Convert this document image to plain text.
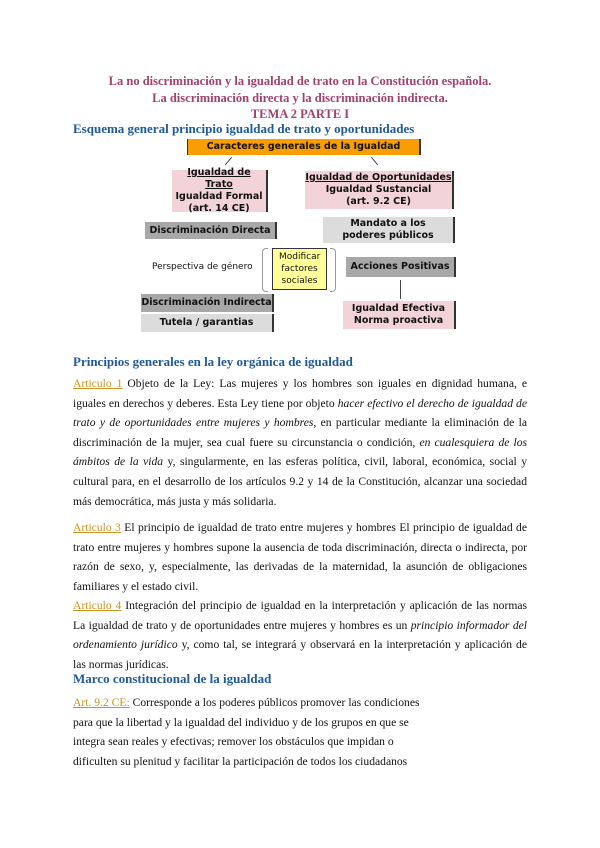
La no discriminación y la igualdad de trato en la Constitución española.
La discriminación directa y la discriminación indirecta.
TEMA 2 PARTE I
Esquema general principio igualdad de trato y oportunidades
Caracteres generales de la Igualdad
Igualdad de Trato
Igualdad Formal
(art. 14 CE)
Igualdad de Oportunidades
Igualdad Sustancial
(art. 9.2 CE)
Discriminación Directa
Mandato a los poderes públicos
Perspectiva de género
Modificar factores sociales
Acciones Positivas
Igualdad Efectiva
Norma proactiva
Discriminación Indirecta
Tutela / garantias
Principios generales en la ley orgánica de igualdad
Articulo 1 Objeto de la Ley: Las mujeres y los hombres son iguales en dignidad humana, e iguales en derechos y deberes. Esta Ley tiene por objeto hacer efectivo el derecho de igualdad de trato y de oportunidades entre mujeres y hombres, en particular mediante la eliminación de la discriminación de la mujer, sea cual fuere su circunstancia o condición, en cualesquiera de los ámbitos de la vida y, singularmente, en las esferas política, civil, laboral, económica, social y cultural para, en el desarrollo de los artículos 9.2 y 14 de la Constitución, alcanzar una sociedad más democrática, más justa y más solidaria.
Articulo 3 El principio de igualdad de trato entre mujeres y hombres El principio de igualdad de trato entre mujeres y hombres supone la ausencia de toda discriminación, directa o indirecta, por razón de sexo, y, especialmente, las derivadas de la maternidad, la asunción de obligaciones familiares y el estado civil.
Articulo 4 Integración del principio de igualdad en la interpretación y aplicación de las normas La igualdad de trato y de oportunidades entre mujeres y hombres es un principio informador del ordenamiento jurídico y, como tal, se integrará y observará en la interpretación y aplicación de las normas jurídicas.
Marco constitucional de la igualdad
Art. 9.2 CE: Corresponde a los poderes públicos promover las condiciones
para que la libertad y la igualdad del individuo y de los grupos en que se
integra sean reales y efectivas; remover los obstáculos que impidan o
dificulten su plenitud y facilitar la participación de todos los ciudadanos
